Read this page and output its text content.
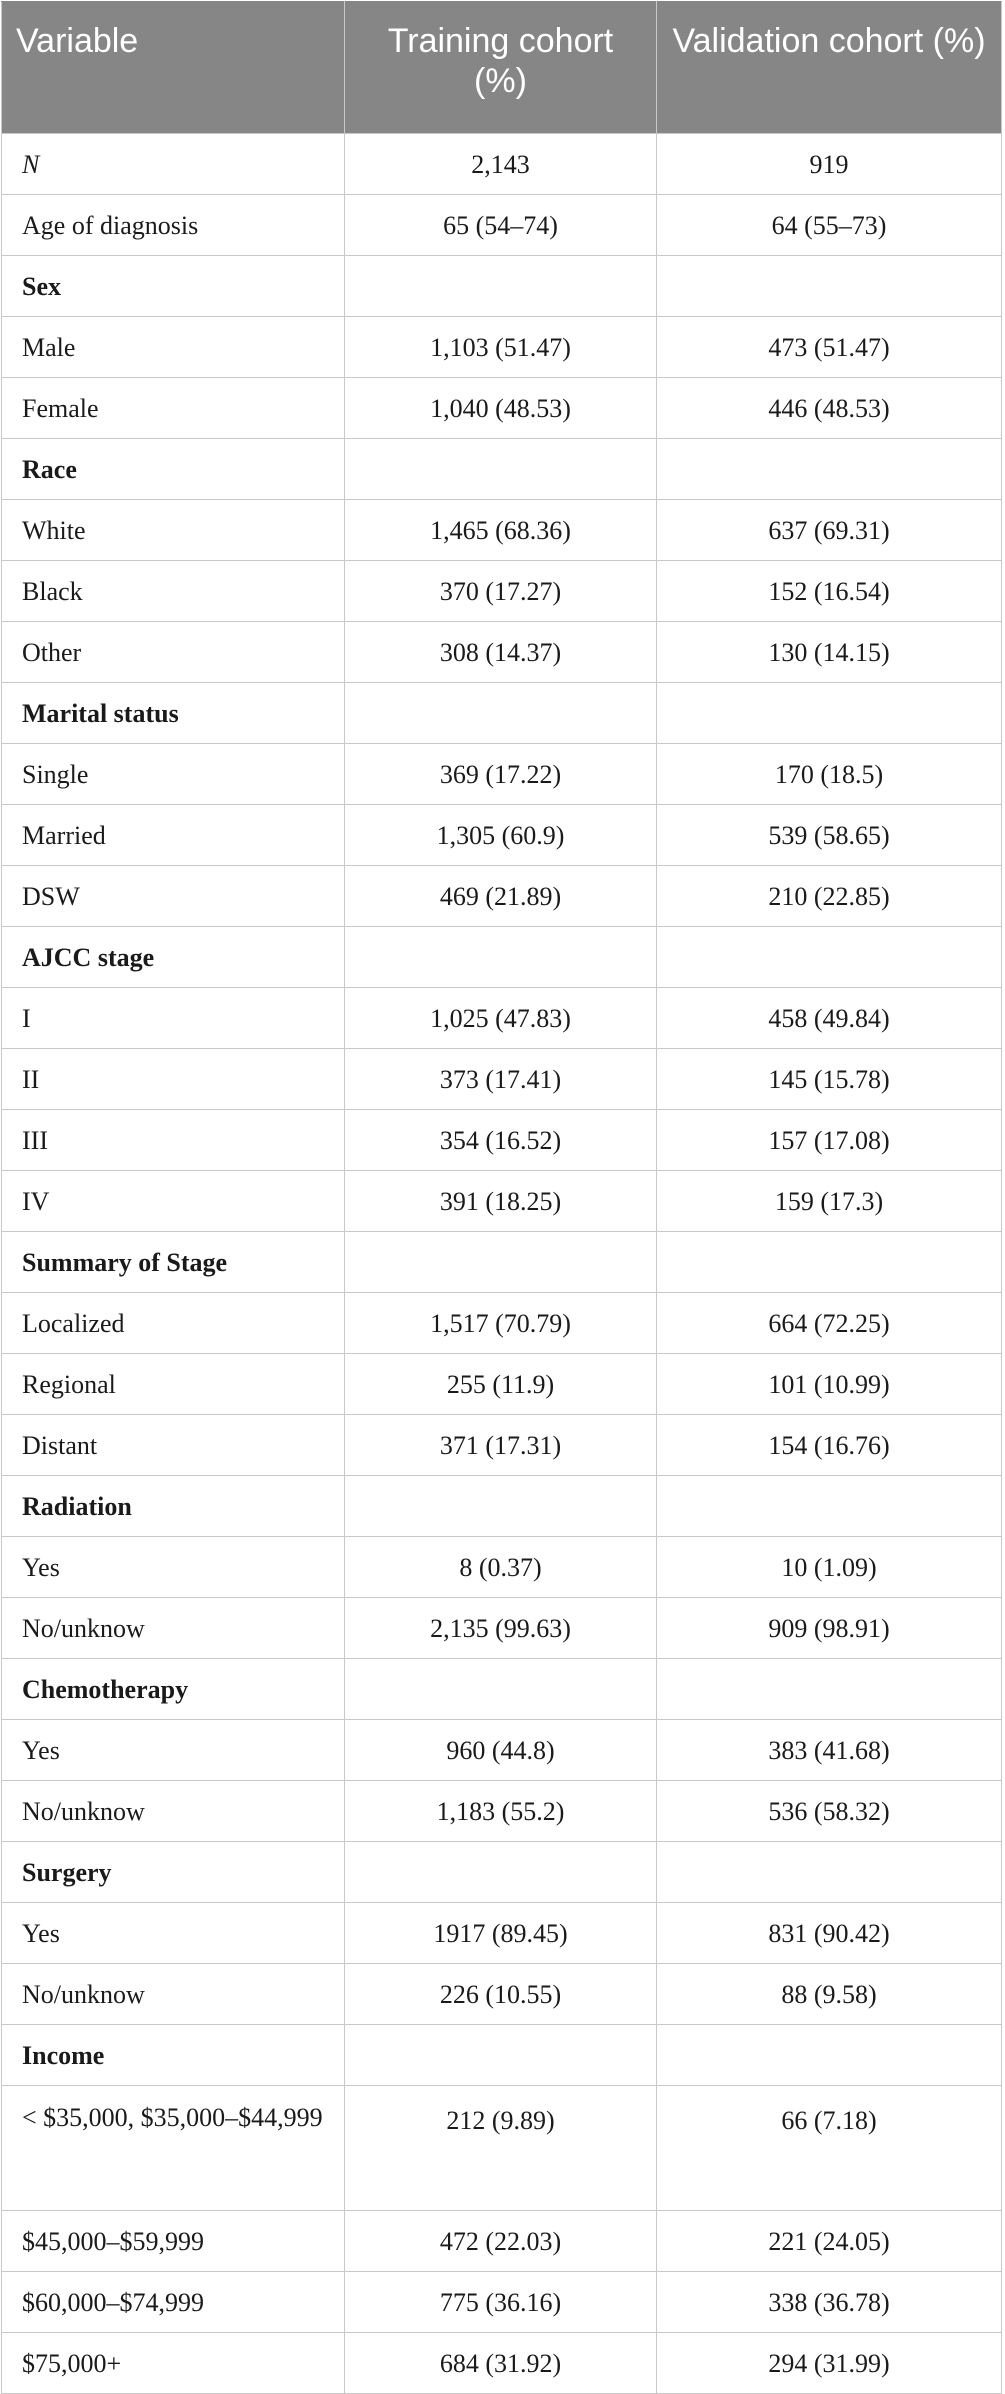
Variable	Training cohort (%)	Validation cohort (%)
N	2,143	919
Age of diagnosis	65 (54–74)	64 (55–73)
Sex		
Male	1,103 (51.47)	473 (51.47)
Female	1,040 (48.53)	446 (48.53)
Race		
White	1,465 (68.36)	637 (69.31)
Black	370 (17.27)	152 (16.54)
Other	308 (14.37)	130 (14.15)
Marital status		
Single	369 (17.22)	170 (18.5)
Married	1,305 (60.9)	539 (58.65)
DSW	469 (21.89)	210 (22.85)
AJCC stage		
I	1,025 (47.83)	458 (49.84)
II	373 (17.41)	145 (15.78)
III	354 (16.52)	157 (17.08)
IV	391 (18.25)	159 (17.3)
Summary of Stage		
Localized	1,517 (70.79)	664 (72.25)
Regional	255 (11.9)	101 (10.99)
Distant	371 (17.31)	154 (16.76)
Radiation		
Yes	8 (0.37)	10 (1.09)
No/unknow	2,135 (99.63)	909 (98.91)
Chemotherapy		
Yes	960 (44.8)	383 (41.68)
No/unknow	1,183 (55.2)	536 (58.32)
Surgery		
Yes	1917 (89.45)	831 (90.42)
No/unknow	226 (10.55)	88 (9.58)
Income		
< $35,000, $35,000–$44,999	212 (9.89)	66 (7.18)
$45,000–$59,999	472 (22.03)	221 (24.05)
$60,000–$74,999	775 (36.16)	338 (36.78)
$75,000+	684 (31.92)	294 (31.99)
